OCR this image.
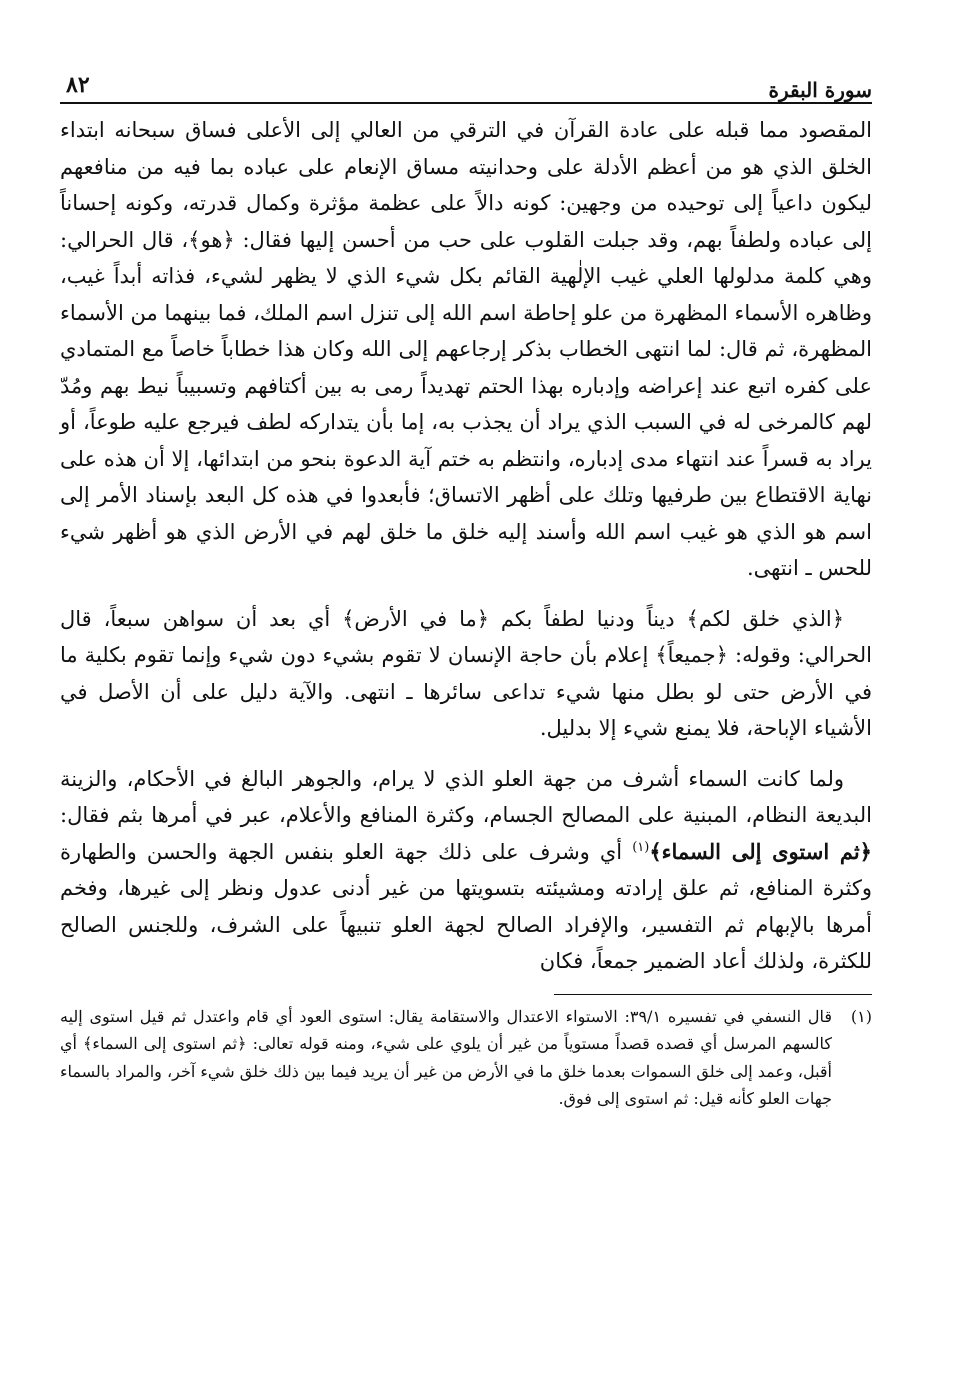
سورة البقرة
٨٢

المقصود مما قبله على عادة القرآن في الترقي من العالي إلى الأعلى فساق سبحانه ابتداء الخلق الذي هو من أعظم الأدلة على وحدانيته مساق الإنعام على عباده بما فيه من منافعهم ليكون داعياً إلى توحيده من وجهين: كونه دالاً على عظمة مؤثرة وكمال قدرته، وكونه إحساناً إلى عباده ولطفاً بهم، وقد جبلت القلوب على حب من أحسن إليها فقال: ﴿هو﴾، قال الحرالي: وهي كلمة مدلولها العلي غيب الإلٰهية القائم بكل شيء الذي لا يظهر لشيء، فذاته أبداً غيب، وظاهره الأسماء المظهرة من علو إحاطة اسم الله إلى تنزل اسم الملك، فما بينهما من الأسماء المظهرة، ثم قال: لما انتهى الخطاب بذكر إرجاعهم إلى الله وكان هذا خطاباً خاصاً مع المتمادي على كفره اتبع عند إعراضه وإدباره بهذا الحتم تهديداً رمى به بين أكتافهم وتسبيباً نيط بهم ومُدّ لهم كالمرخى له في السبب الذي يراد أن يجذب به، إما بأن يتداركه لطف فيرجع عليه طوعاً، أو يراد به قسراً عند انتهاء مدى إدباره، وانتظم به ختم آية الدعوة بنحو من ابتدائها، إلا أن هذه على نهاية الاقتطاع بين طرفيها وتلك على أظهر الاتساق؛ فأبعدوا في هذه كل البعد بإسناد الأمر إلى اسم هو الذي هو غيب اسم الله وأسند إليه خلق ما خلق لهم في الأرض الذي هو أظهر شيء للحس ـ انتهى.

﴿الذي خلق لكم﴾ ديناً ودنيا لطفاً بكم ﴿ما في الأرض﴾ أي بعد أن سواهن سبعاً، قال الحرالي: وقوله: ﴿جميعاً﴾ إعلام بأن حاجة الإنسان لا تقوم بشيء دون شيء وإنما تقوم بكلية ما في الأرض حتى لو بطل منها شيء تداعى سائرها ـ انتهى. والآية دليل على أن الأصل في الأشياء الإباحة، فلا يمنع شيء إلا بدليل.

ولما كانت السماء أشرف من جهة العلو الذي لا يرام، والجوهر البالغ في الأحكام، والزينة البديعة النظام، المبنية على المصالح الجسام، وكثرة المنافع والأعلام، عبر في أمرها بثم فقال: ﴿ثم استوى إلى السماء﴾$^{(١)}$ أي وشرف على ذلك جهة العلو بنفس الجهة والحسن والطهارة وكثرة المنافع، ثم علق إرادته ومشيئته بتسويتها من غير أدنى عدول ونظر إلى غيرها، وفخم أمرها بالإبهام ثم التفسير، والإفراد الصالح لجهة العلو تنبيهاً على الشرف، وللجنس الصالح للكثرة، ولذلك أعاد الضمير جمعاً، فكان

(١)
قال النسفي في تفسيره ٣٩/١: الاستواء الاعتدال والاستقامة يقال: استوى العود أي قام واعتدل ثم قيل استوى إليه كالسهم المرسل أي قصده قصداً مستوياً من غير أن يلوي على شيء، ومنه قوله تعالى: ﴿ثم استوى إلى السماء﴾ أي أقبل، وعمد إلى خلق السموات بعدما خلق ما في الأرض من غير أن يريد فيما بين ذلك خلق شيء آخر، والمراد بالسماء جهات العلو كأنه قيل: ثم استوى إلى فوق.
